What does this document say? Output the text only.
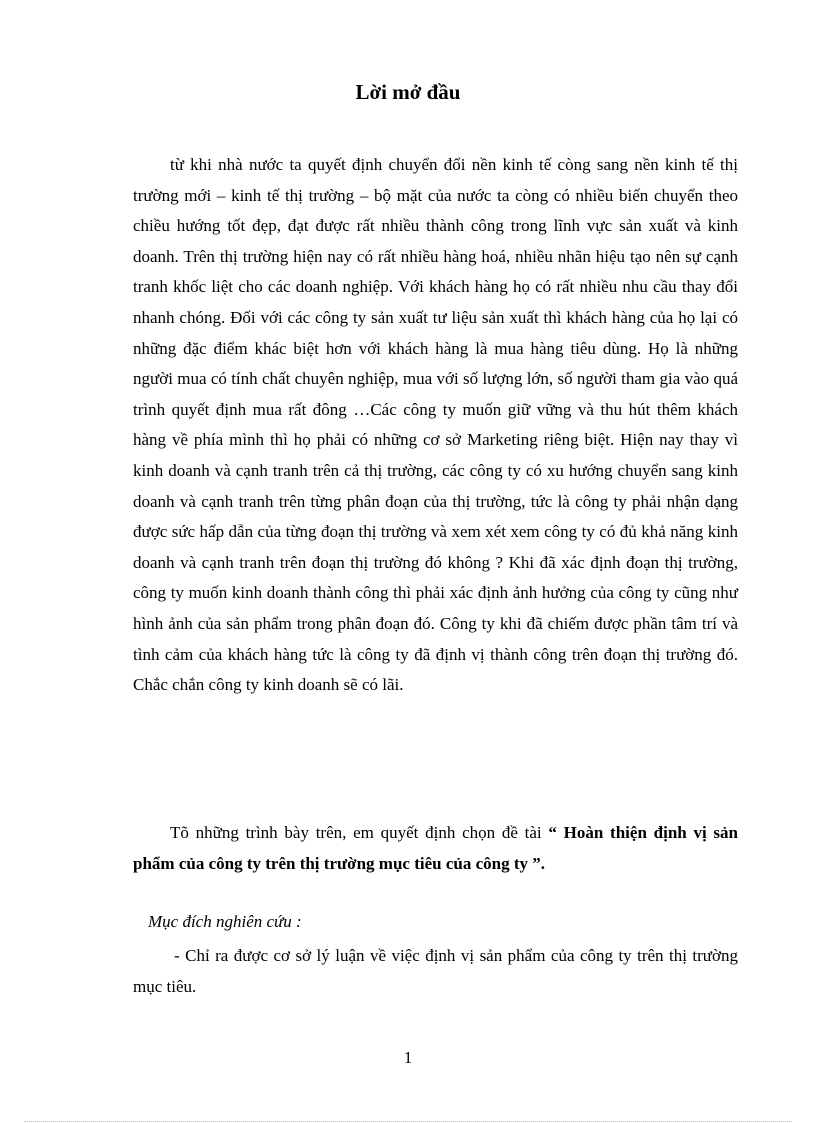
Lời mở đầu

từ khi nhà nước ta quyết định chuyển đổi nền kinh tế còng sang nền kinh tế thị trường mới – kinh tế thị trường – bộ mặt của nước ta còng có nhiều biến chuyển theo chiều hướng tốt đẹp, đạt được rất nhiều thành công trong lĩnh vực sản xuất và kinh doanh. Trên thị trường hiện nay có rất nhiều hàng hoá, nhiều nhãn hiệu tạo nên sự cạnh tranh khốc liệt cho các doanh nghiệp. Với khách hàng họ có rất nhiều nhu cầu thay đổi nhanh chóng. Đối với các công ty sản xuất tư liệu sản xuất thì khách hàng của họ lại có những đặc điểm khác biệt hơn với khách hàng là mua hàng tiêu dùng. Họ là những người mua có tính chất chuyên nghiệp, mua với số lượng lớn, số người tham gia vào quá trình quyết định mua rất đông …Các công ty muốn giữ vững và thu hút thêm khách hàng về phía mình thì họ phải có những cơ sở Marketing riêng biệt. Hiện nay thay vì kinh doanh và cạnh tranh trên cả thị trường, các công ty có xu hướng chuyển sang kinh doanh và cạnh tranh trên từng phân đoạn của thị trường, tức là công ty phải nhận dạng được sức hấp dẫn của từng đoạn thị trường và xem xét xem công ty có đủ khả năng kinh doanh và cạnh tranh trên đoạn thị trường đó không ? Khi đã xác định đoạn thị trường, công ty muốn kinh doanh thành công thì phải xác định ảnh hưởng của công ty cũng như hình ảnh của sản phẩm trong phân đoạn đó. Công ty khi đã chiếm được phần tâm trí và tình cảm của khách hàng tức là công ty đã định vị thành công trên đoạn thị trường đó. Chắc chắn công ty kinh doanh sẽ có lãi.

Tõ những trình bày trên, em quyết định chọn đề tài “ Hoàn thiện định vị sản phẩm của công ty trên thị trường mục tiêu của công ty ”.

Mục đích nghiên cứu :

- Chỉ ra được cơ sở lý luận về việc định vị sản phẩm của công ty trên thị trường mục tiêu.

1
